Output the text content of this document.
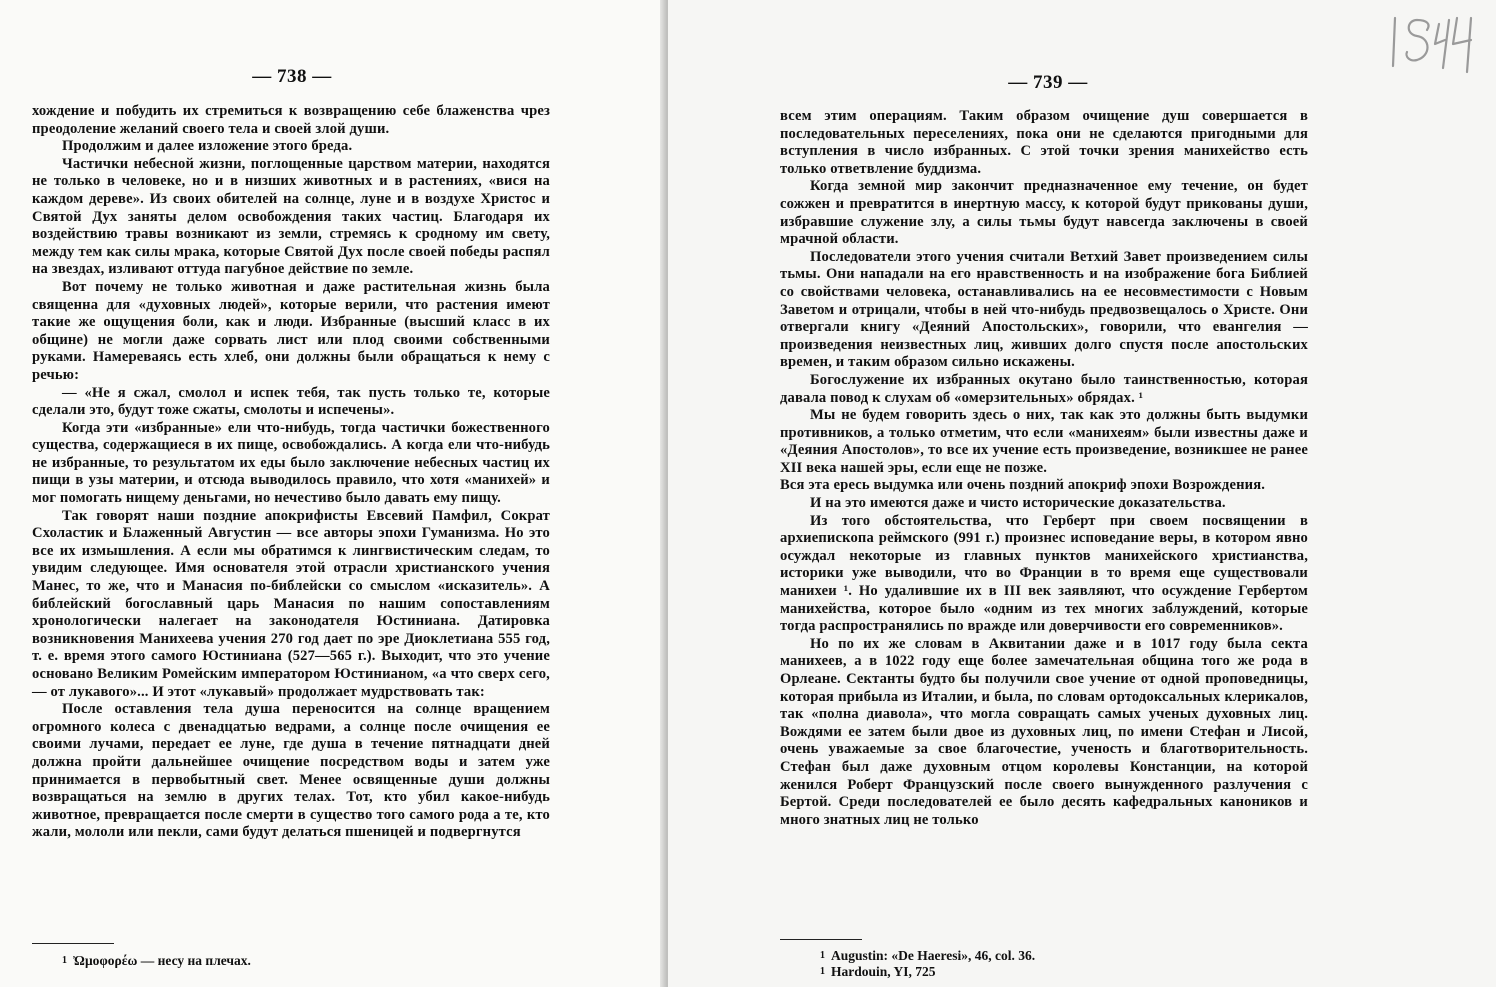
— 738 —

хождение и побудить их стремиться к возвращению себе блаженства чрез преодоление желаний своего тела и своей злой души.

Продолжим и далее изложение этого бреда.

Частички небесной жизни, поглощенные царством материи, находятся не только в человеке, но и в низших животных и в растениях, «вися на каждом дереве». Из своих обителей на солнце, луне и в воздухе Христос и Святой Дух заняты делом освобождения таких частиц. Благодаря их воздействию травы возникают из земли, стремясь к сродному им свету, между тем как силы мрака, которые Святой Дух после своей победы распял на звездах, изливают оттуда пагубное действие по земле.

Вот почему не только животная и даже растительная жизнь была священна для «духовных людей», которые верили, что растения имеют такие же ощущения боли, как и люди. Избранные (высший класс в их общине) не могли даже сорвать лист или плод своими собственными руками. Намереваясь есть хлеб, они должны были обращаться к нему с речью:

— «Не я сжал, смолол и испек тебя, так пусть только те, которые сделали это, будут тоже сжаты, смолоты и испечены».

Когда эти «избранные» ели что-нибудь, тогда частички божественного существа, содержащиеся в их пище, освобождались. А когда ели что-нибудь не избранные, то результатом их еды было заключение небесных частиц их пищи в узы материи, и отсюда выводилось правило, что хотя «манихей» и мог помогать нищему деньгами, но нечестиво было давать ему пищу.

Так говорят наши поздние апокрифисты Евсевий Памфил, Сократ Схоластик и Блаженный Августин — все авторы эпохи Гуманизма. Но это все их измышления. А если мы обратимся к лингвистическим следам, то увидим следующее. Имя основателя этой отрасли христианского учения Манес, то же, что и Манасия по-библейски со смыслом «исказитель». А библейский богославный царь Манасия по нашим сопоставлениям хронологически налегает на законодателя Юстиниана. Датировка возникновения Манихеева учения 270 год дает по эре Диоклетиана 555 год, т. е. время этого самого Юстиниана (527—565 г.). Выходит, что это учение основано Великим Ромейским императором Юстинианом, «а что сверх сего, — от лукавого»... И этот «лукавый» продолжает мудрствовать так:

После оставления тела душа переносится на солнце вращением огромного колеса с двенадцатью ведрами, а солнце после очищения ее своими лучами, передает ее луне, где душа в течение пятнадцати дней должна пройти дальнейшее очищение посредством воды и затем уже принимается в первобытный свет. Менее освященные души должны возвращаться на землю в других телах. Тот, кто убил какое-нибудь животное, превращается после смерти в существо того самого рода а те, кто жали, мололи или пекли, сами будут делаться пшеницей и подвергнутся

$^1$ Ὠμοφορέω — несу на плечах.
— 739 —

всем этим операциям. Таким образом очищение душ совершается в последовательных переселениях, пока они не сделаются пригодными для вступления в число избранных. С этой точки зрения манихейство есть только ответвление буддизма.

Когда земной мир закончит предназначенное ему течение, он будет сожжен и превратится в инертную массу, к которой будут прикованы души, избравшие служение злу, а силы тьмы будут навсегда заключены в своей мрачной области.

Последователи этого учения считали Ветхий Завет произведением силы тьмы. Они нападали на его нравственность и на изображение бога Библией со свойствами человека, останавливались на ее несовместимости с Новым Заветом и отрицали, чтобы в ней что-нибудь предвозвещалось о Христе. Они отвергали книгу «Деяний Апостольских», говорили, что евангелия — произведения неизвестных лиц, живших долго спустя после апостольских времен, и таким образом сильно искажены.

Богослужение их избранных окутано было таинственностью, которая давала повод к слухам об «омерзительных» обрядах. ¹

Мы не будем говорить здесь о них, так как это должны быть выдумки противников, а только отметим, что если «манихеям» были известны даже и «Деяния Апостолов», то все их учение есть произведение, возникшее не ранее XII века нашей эры, если еще не позже.

Вся эта ересь выдумка или очень поздний апокриф эпохи Возрождения.

И на это имеются даже и чисто исторические доказательства.

Из того обстоятельства, что Герберт при своем посвящении в архиепископа реймского (991 г.) произнес исповедание веры, в котором явно осуждал некоторые из главных пунктов манихейского христианства, историки уже выводили, что во Франции в то время еще существовали манихеи ¹. Но удалившие их в III век заявляют, что осуждение Гербертом манихейства, которое было «одним из тех многих заблуждений, которые тогда распространялись по вражде или доверчивости его современников».

Но по их же словам в Аквитании даже и в 1017 году была секта манихеев, а в 1022 году еще более замечательная община того же рода в Орлеане. Сектанты будто бы получили свое учение от одной проповедницы, которая прибыла из Италии, и была, по словам ортодоксальных клерикалов, так «полна диавола», что могла совращать самых ученых духовных лиц. Вождями ее затем были двое из духовных лиц, по имени Стефан и Лисой, очень уважаемые за свое благочестие, ученость и благотворительность. Стефан был даже духовным отцом королевы Констанции, на которой женился Роберт Французский после своего вынужденного разлучения с Бертой. Среди последователей ее было десять кафедральных каноников и много знатных лиц не только

$^1$ Augustin: «De Haeresi», 46, col. 36.
$^1$ Hardouin, YI, 725
